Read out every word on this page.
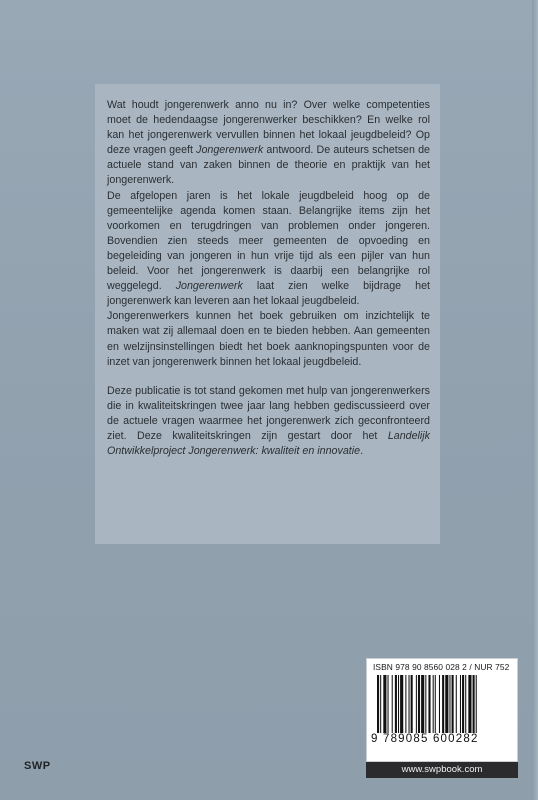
Wat houdt jongerenwerk anno nu in? Over welke competenties moet de hedendaagse jongerenwerker beschikken? En welke rol kan het jongerenwerk vervullen binnen het lokaal jeugdbeleid? Op deze vragen geeft Jongerenwerk antwoord. De auteurs schetsen de actuele stand van zaken binnen de theorie en praktijk van het jongerenwerk.

De afgelopen jaren is het lokale jeugdbeleid hoog op de gemeentelijke agenda komen staan. Belangrijke items zijn het voorkomen en terugdringen van problemen onder jongeren. Bovendien zien steeds meer gemeenten de opvoeding en begeleiding van jongeren in hun vrije tijd als een pijler van hun beleid. Voor het jongerenwerk is daarbij een belangrijke rol weggelegd. Jongerenwerk laat zien welke bijdrage het jongerenwerk kan leveren aan het lokaal jeugdbeleid.

Jongerenwerkers kunnen het boek gebruiken om inzichtelijk te maken wat zij allemaal doen en te bieden hebben. Aan gemeenten en welzijnsinstellingen biedt het boek aanknopingspunten voor de inzet van jongerenwerk binnen het lokaal jeugdbeleid.

Deze publicatie is tot stand gekomen met hulp van jongerenwerkers die in kwaliteitskringen twee jaar lang hebben gediscussieerd over de actuele vragen waarmee het jongerenwerk zich geconfronteerd ziet. Deze kwaliteitskringen zijn gestart door het Landelijk Ontwikkelproject Jongerenwerk: kwaliteit en innovatie.

ISBN 978 90 8560 028 2 / NUR 752
9 789085 600282
www.swpbook.com
SWP
